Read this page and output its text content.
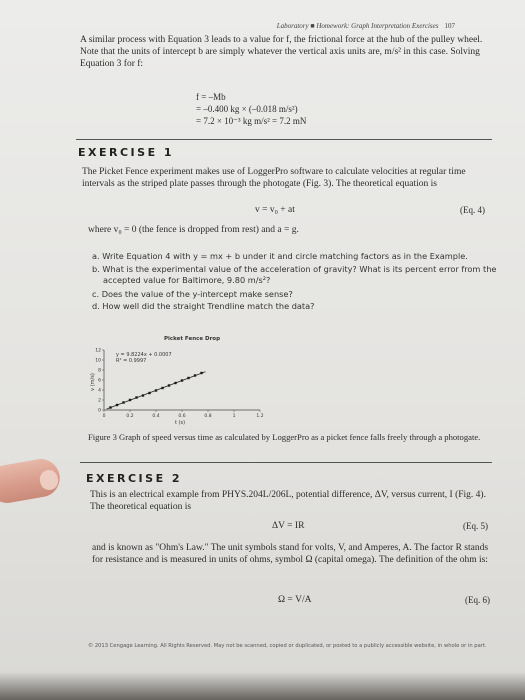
Laboratory ■ Homework: Graph Interpretation Exercises 107
A similar process with Equation 3 leads to a value for f, the frictional force at the hub of the pulley wheel. Note that the units of intercept b are simply whatever the vertical axis units are, m/s² in this case. Solving Equation 3 for f:
f = –Mb
= –0.400 kg × (–0.018 m/s²)
= 7.2 × 10⁻³ kg m/s² = 7.2 mN
EXERCISE 1
The Picket Fence experiment makes use of LoggerPro software to calculate velocities at regular time intervals as the striped plate passes through the photogate (Fig. 3). The theoretical equation is
v = v₀ + at	(Eq. 4)
where v₀ = 0 (the fence is dropped from rest) and a = g.
a. Write Equation 4 with y = mx + b under it and circle matching factors as in the Example.
b. What is the experimental value of the acceleration of gravity? What is its percent error from the
accepted value for Baltimore, 9.80 m/s²?
c. Does the value of the y-intercept make sense?
d. How well did the straight Trendline match the data?
Picket Fence Drop
v (m/s)
t (s)
0	0.2	0.4	0.6	0.8	1	1.2
0
2
4
6
8
10
12
y = 9.8224x + 0.0007
R² = 0.9997
Figure 3 Graph of speed versus time as calculated by LoggerPro as a picket fence falls freely through a photogate.
EXERCISE 2
This is an electrical example from PHYS.204L/206L, potential difference, ΔV, versus current, I (Fig. 4). The theoretical equation is
ΔV = IR	(Eq. 5)
and is known as "Ohm's Law." The unit symbols stand for volts, V, and Amperes, A. The factor R stands for resistance and is measured in units of ohms, symbol Ω (capital omega). The definition of the ohm is:
Ω = V/A	(Eq. 6)
© 2013 Cengage Learning. All Rights Reserved. May not be scanned, copied or duplicated, or posted to a publicly accessible website, in whole or in part.
